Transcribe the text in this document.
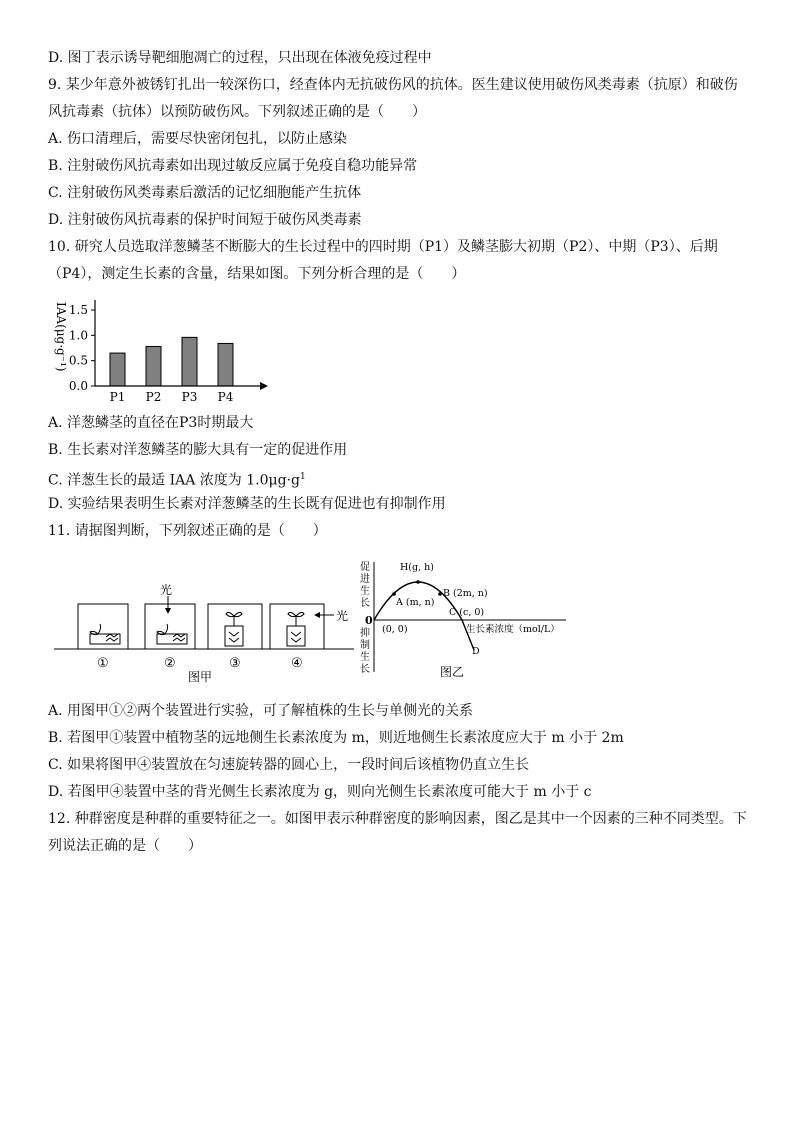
D. 图丁表示诱导靶细胞凋亡的过程，只出现在体液免疫过程中
9. 某少年意外被锈钉扎出一较深伤口，经查体内无抗破伤风的抗体。医生建议使用破伤风类毒素（抗原）和破伤
风抗毒素（抗体）以预防破伤风。下列叙述正确的是（　　）
A. 伤口清理后，需要尽快密闭包扎，以防止感染
B. 注射破伤风抗毒素如出现过敏反应属于免疫自稳功能异常
C. 注射破伤风类毒素后激活的记忆细胞能产生抗体
D. 注射破伤风抗毒素的保护时间短于破伤风类毒素
10. 研究人员选取洋葱鳞茎不断膨大的生长过程中的四时期（P1）及鳞茎膨大初期（P2）、中期（P3）、后期
（P4），测定生长素的含量，结果如图。下列分析合理的是（　　）
IAA(μg·g⁻¹)
0.0
0.5
1.0
1.5
P1 P2 P3 P4
A. 洋葱鳞茎的直径在P3时期最大
B. 生长素对洋葱鳞茎的膨大具有一定的促进作用
C. 洋葱生长的最适 IAA 浓度为 $1.0\mu g\cdot g^1$
D. 实验结果表明生长素对洋葱鳞茎的生长既有促进也有抑制作用
11. 请据图判断，下列叙述正确的是（　　）
光
光
①	②	③	④
图甲
促
进
生
长
抑
制
生
长
0
H(g, h)
A (m, n)
B (2m, n)
C (c, 0)
D
(0, 0)	生长素浓度（mol/L）
图乙
A. 用图甲①②两个装置进行实验，可了解植株的生长与单侧光的关系
B. 若图甲①装置中植物茎的远地侧生长素浓度为 m，则近地侧生长素浓度应大于 m 小于 2m
C. 如果将图甲④装置放在匀速旋转器的圆心上，一段时间后该植物仍直立生长
D. 若图甲④装置中茎的背光侧生长素浓度为 g，则向光侧生长素浓度可能大于 m 小于 c
12. 种群密度是种群的重要特征之一。如图甲表示种群密度的影响因素，图乙是其中一个因素的三种不同类型。下
列说法正确的是（　　）
